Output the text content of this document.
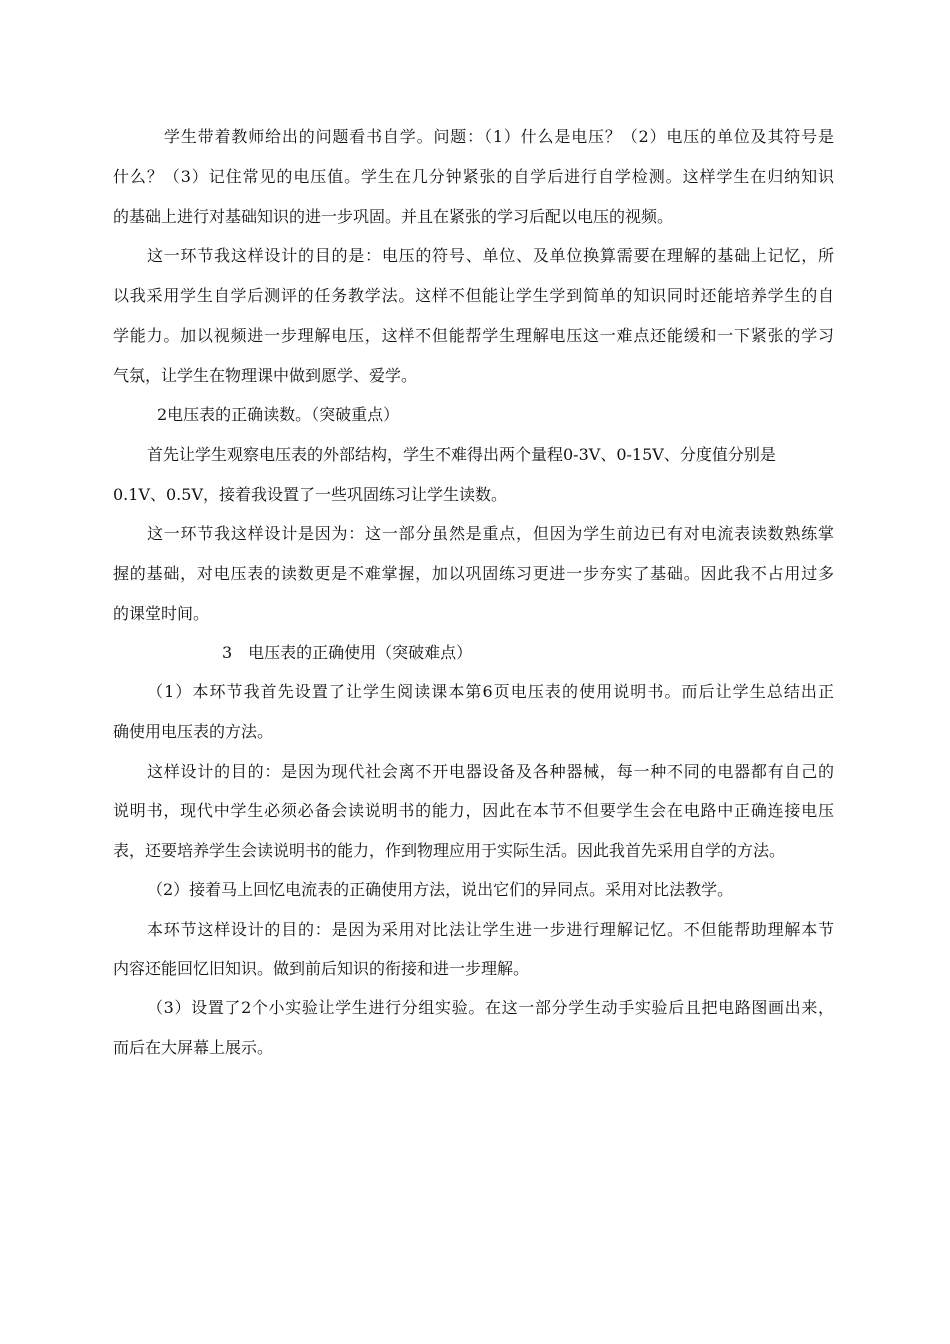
学生带着教师给出的问题看书自学。问题：（1）什么是电压？（2）电压的单位及其符号是
什么？（3）记住常见的电压值。学生在几分钟紧张的自学后进行自学检测。这样学生在归纳知识
的基础上进行对基础知识的进一步巩固。并且在紧张的学习后配以电压的视频。
这一环节我这样设计的目的是：电压的符号、单位、及单位换算需要在理解的基础上记忆，所
以我采用学生自学后测评的任务教学法。这样不但能让学生学到简单的知识同时还能培养学生的自
学能力。加以视频进一步理解电压，这样不但能帮学生理解电压这一难点还能缓和一下紧张的学习
气氛，让学生在物理课中做到愿学、爱学。
2电压表的正确读数。（突破重点）
首先让学生观察电压表的外部结构，学生不难得出两个量程0-3V、0-15V、分度值分别是
0.1V、0.5V，接着我设置了一些巩固练习让学生读数。
这一环节我这样设计是因为：这一部分虽然是重点，但因为学生前边已有对电流表读数熟练掌
握的基础，对电压表的读数更是不难掌握，加以巩固练习更进一步夯实了基础。因此我不占用过多
的课堂时间。
3　电压表的正确使用（突破难点）
（1）本环节我首先设置了让学生阅读课本第6页电压表的使用说明书。而后让学生总结出正
确使用电压表的方法。
这样设计的目的：是因为现代社会离不开电器设备及各种器械，每一种不同的电器都有自己的
说明书，现代中学生必须必备会读说明书的能力，因此在本节不但要学生会在电路中正确连接电压
表，还要培养学生会读说明书的能力，作到物理应用于实际生活。因此我首先采用自学的方法。
（2）接着马上回忆电流表的正确使用方法，说出它们的异同点。采用对比法教学。
本环节这样设计的目的：是因为采用对比法让学生进一步进行理解记忆。不但能帮助理解本节
内容还能回忆旧知识。做到前后知识的衔接和进一步理解。
（3）设置了2个小实验让学生进行分组实验。在这一部分学生动手实验后且把电路图画出来，
而后在大屏幕上展示。
